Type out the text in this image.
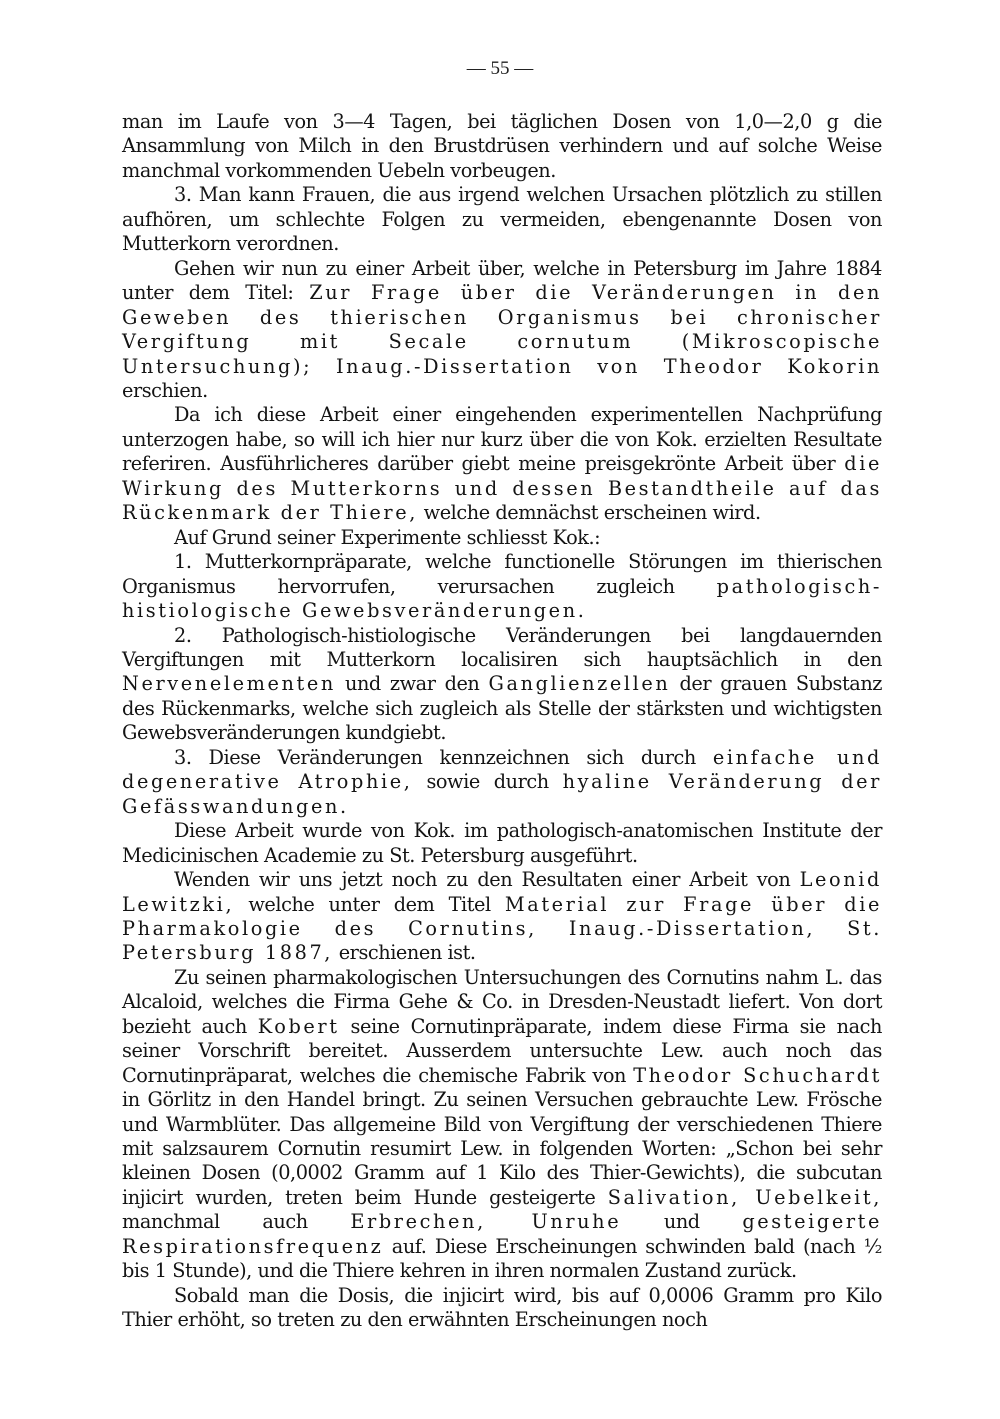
— 55 —

man im Laufe von 3—4 Tagen, bei täglichen Dosen von 1,0—2,0 g die Ansammlung von Milch in den Brustdrüsen verhindern und auf solche Weise manchmal vorkommenden Uebeln vorbeugen.

3. Man kann Frauen, die aus irgend welchen Ursachen plötzlich zu stillen aufhören, um schlechte Folgen zu vermeiden, ebengenannte Dosen von Mutterkorn verordnen.

Gehen wir nun zu einer Arbeit über, welche in Petersburg im Jahre 1884 unter dem Titel: Zur Frage über die Veränderungen in den Geweben des thierischen Organismus bei chronischer Vergiftung mit Secale cornutum (Mikroscopische Untersuchung); Inaug.-Dissertation von Theodor Kokorin erschien.

Da ich diese Arbeit einer eingehenden experimentellen Nachprüfung unterzogen habe, so will ich hier nur kurz über die von Kok. erzielten Resultate referiren. Ausführlicheres darüber giebt meine preisgekrönte Arbeit über die Wirkung des Mutterkorns und dessen Bestandtheile auf das Rückenmark der Thiere, welche demnächst erscheinen wird.

Auf Grund seiner Experimente schliesst Kok.:

1. Mutterkornpräparate, welche functionelle Störungen im thierischen Organismus hervorrufen, verursachen zugleich pathologisch-histiologische Gewebsveränderungen.

2. Pathologisch-histiologische Veränderungen bei langdauernden Vergiftungen mit Mutterkorn localisiren sich hauptsächlich in den Nervenelementen und zwar den Ganglienzellen der grauen Substanz des Rückenmarks, welche sich zugleich als Stelle der stärksten und wichtigsten Gewebsveränderungen kundgiebt.

3. Diese Veränderungen kennzeichnen sich durch einfache und degenerative Atrophie, sowie durch hyaline Veränderung der Gefässwandungen.

Diese Arbeit wurde von Kok. im pathologisch-anatomischen Institute der Medicinischen Academie zu St. Petersburg ausgeführt.

Wenden wir uns jetzt noch zu den Resultaten einer Arbeit von Leonid Lewitzki, welche unter dem Titel Material zur Frage über die Pharmakologie des Cornutins, Inaug.-Dissertation, St. Petersburg 1887, erschienen ist.

Zu seinen pharmakologischen Untersuchungen des Cornutins nahm L. das Alcaloid, welches die Firma Gehe & Co. in Dresden-Neustadt liefert. Von dort bezieht auch Kobert seine Cornutinpräparate, indem diese Firma sie nach seiner Vorschrift bereitet. Ausserdem untersuchte Lew. auch noch das Cornutinpräparat, welches die chemische Fabrik von Theodor Schuchardt in Görlitz in den Handel bringt. Zu seinen Versuchen gebrauchte Lew. Frösche und Warmblüter. Das allgemeine Bild von Vergiftung der verschiedenen Thiere mit salzsaurem Cornutin resumirt Lew. in folgenden Worten: „Schon bei sehr kleinen Dosen (0,0002 Gramm auf 1 Kilo des Thier-Gewichts), die subcutan injicirt wurden, treten beim Hunde gesteigerte Salivation, Uebelkeit, manchmal auch Erbrechen, Unruhe und gesteigerte Respirationsfrequenz auf. Diese Erscheinungen schwinden bald (nach ½ bis 1 Stunde), und die Thiere kehren in ihren normalen Zustand zurück.

Sobald man die Dosis, die injicirt wird, bis auf 0,0006 Gramm pro Kilo Thier erhöht, so treten zu den erwähnten Erscheinungen noch
